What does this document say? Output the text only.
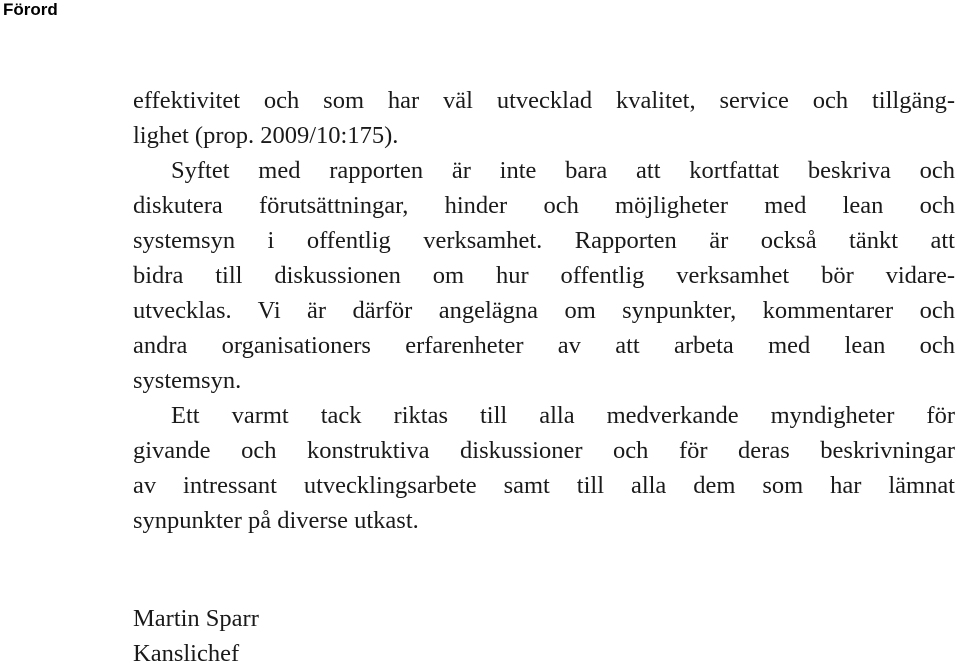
Förord
effektivitet och som har väl utvecklad kvalitet, service och tillgäng-
lighet (prop. 2009/10:175).
Syftet med rapporten är inte bara att kortfattat beskriva och
diskutera förutsättningar, hinder och möjligheter med lean och
systemsyn i offentlig verksamhet. Rapporten är också tänkt att
bidra till diskussionen om hur offentlig verksamhet bör vidare-
utvecklas. Vi är därför angelägna om synpunkter, kommentarer och
andra organisationers erfarenheter av att arbeta med lean och
systemsyn.
Ett varmt tack riktas till alla medverkande myndigheter för
givande och konstruktiva diskussioner och för deras beskrivningar
av intressant utvecklingsarbete samt till alla dem som har lämnat
synpunkter på diverse utkast.
Martin Sparr
Kanslichef
